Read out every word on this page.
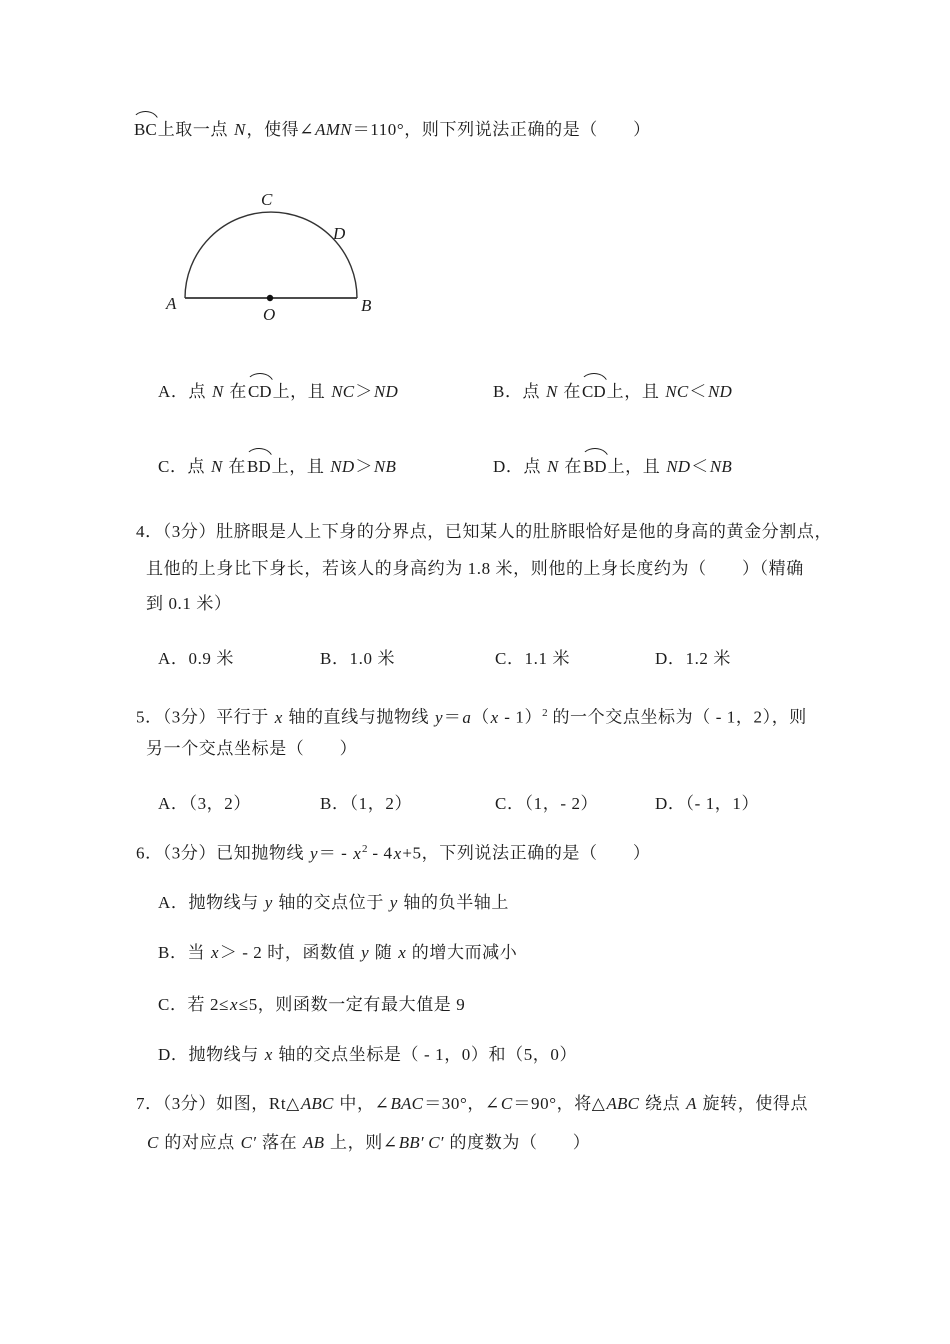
BC上取一点 N，使得∠AMN＝110°，则下列说法正确的是（　　）
A	B
C
D
O
A．点 N 在CD上，且 NC＞ND	B．点 N 在CD上，且 NC＜ND
C．点 N 在BD上，且 ND＞NB	D．点 N 在BD上，且 ND＜NB
4．（3分）肚脐眼是人上下身的分界点，已知某人的肚脐眼恰好是他的身高的黄金分割点，
且他的上身比下身长，若该人的身高约为 1.8 米，则他的上身长度约为（　　）（精确
到 0.1 米）
A．0.9 米	B．1.0 米	C．1.1 米	D．1.2 米
5．（3分）平行于 x 轴的直线与抛物线 y＝a（x - 1）$^2$ 的一个交点坐标为（ - 1，2），则
另一个交点坐标是（　　）
A．（3，2）	B．（1，2）	C．（1，- 2）	D．（- 1，1）
6．（3分）已知抛物线 $y= - x^2 - 4x+5$，下列说法正确的是（　　）
A．抛物线与 y 轴的交点位于 y 轴的负半轴上
B．当 x＞ - 2 时，函数值 y 随 x 的增大而减小
C．若 2≤x≤5，则函数一定有最大值是 9
D．抛物线与 x 轴的交点坐标是（ - 1，0）和（5，0）
7．（3分）如图，Rt△ABC 中，∠BAC＝30°，∠C＝90°，将△ABC 绕点 A 旋转，使得点
C 的对应点 C′ 落在 AB 上，则∠BB′ C′ 的度数为（　　）
